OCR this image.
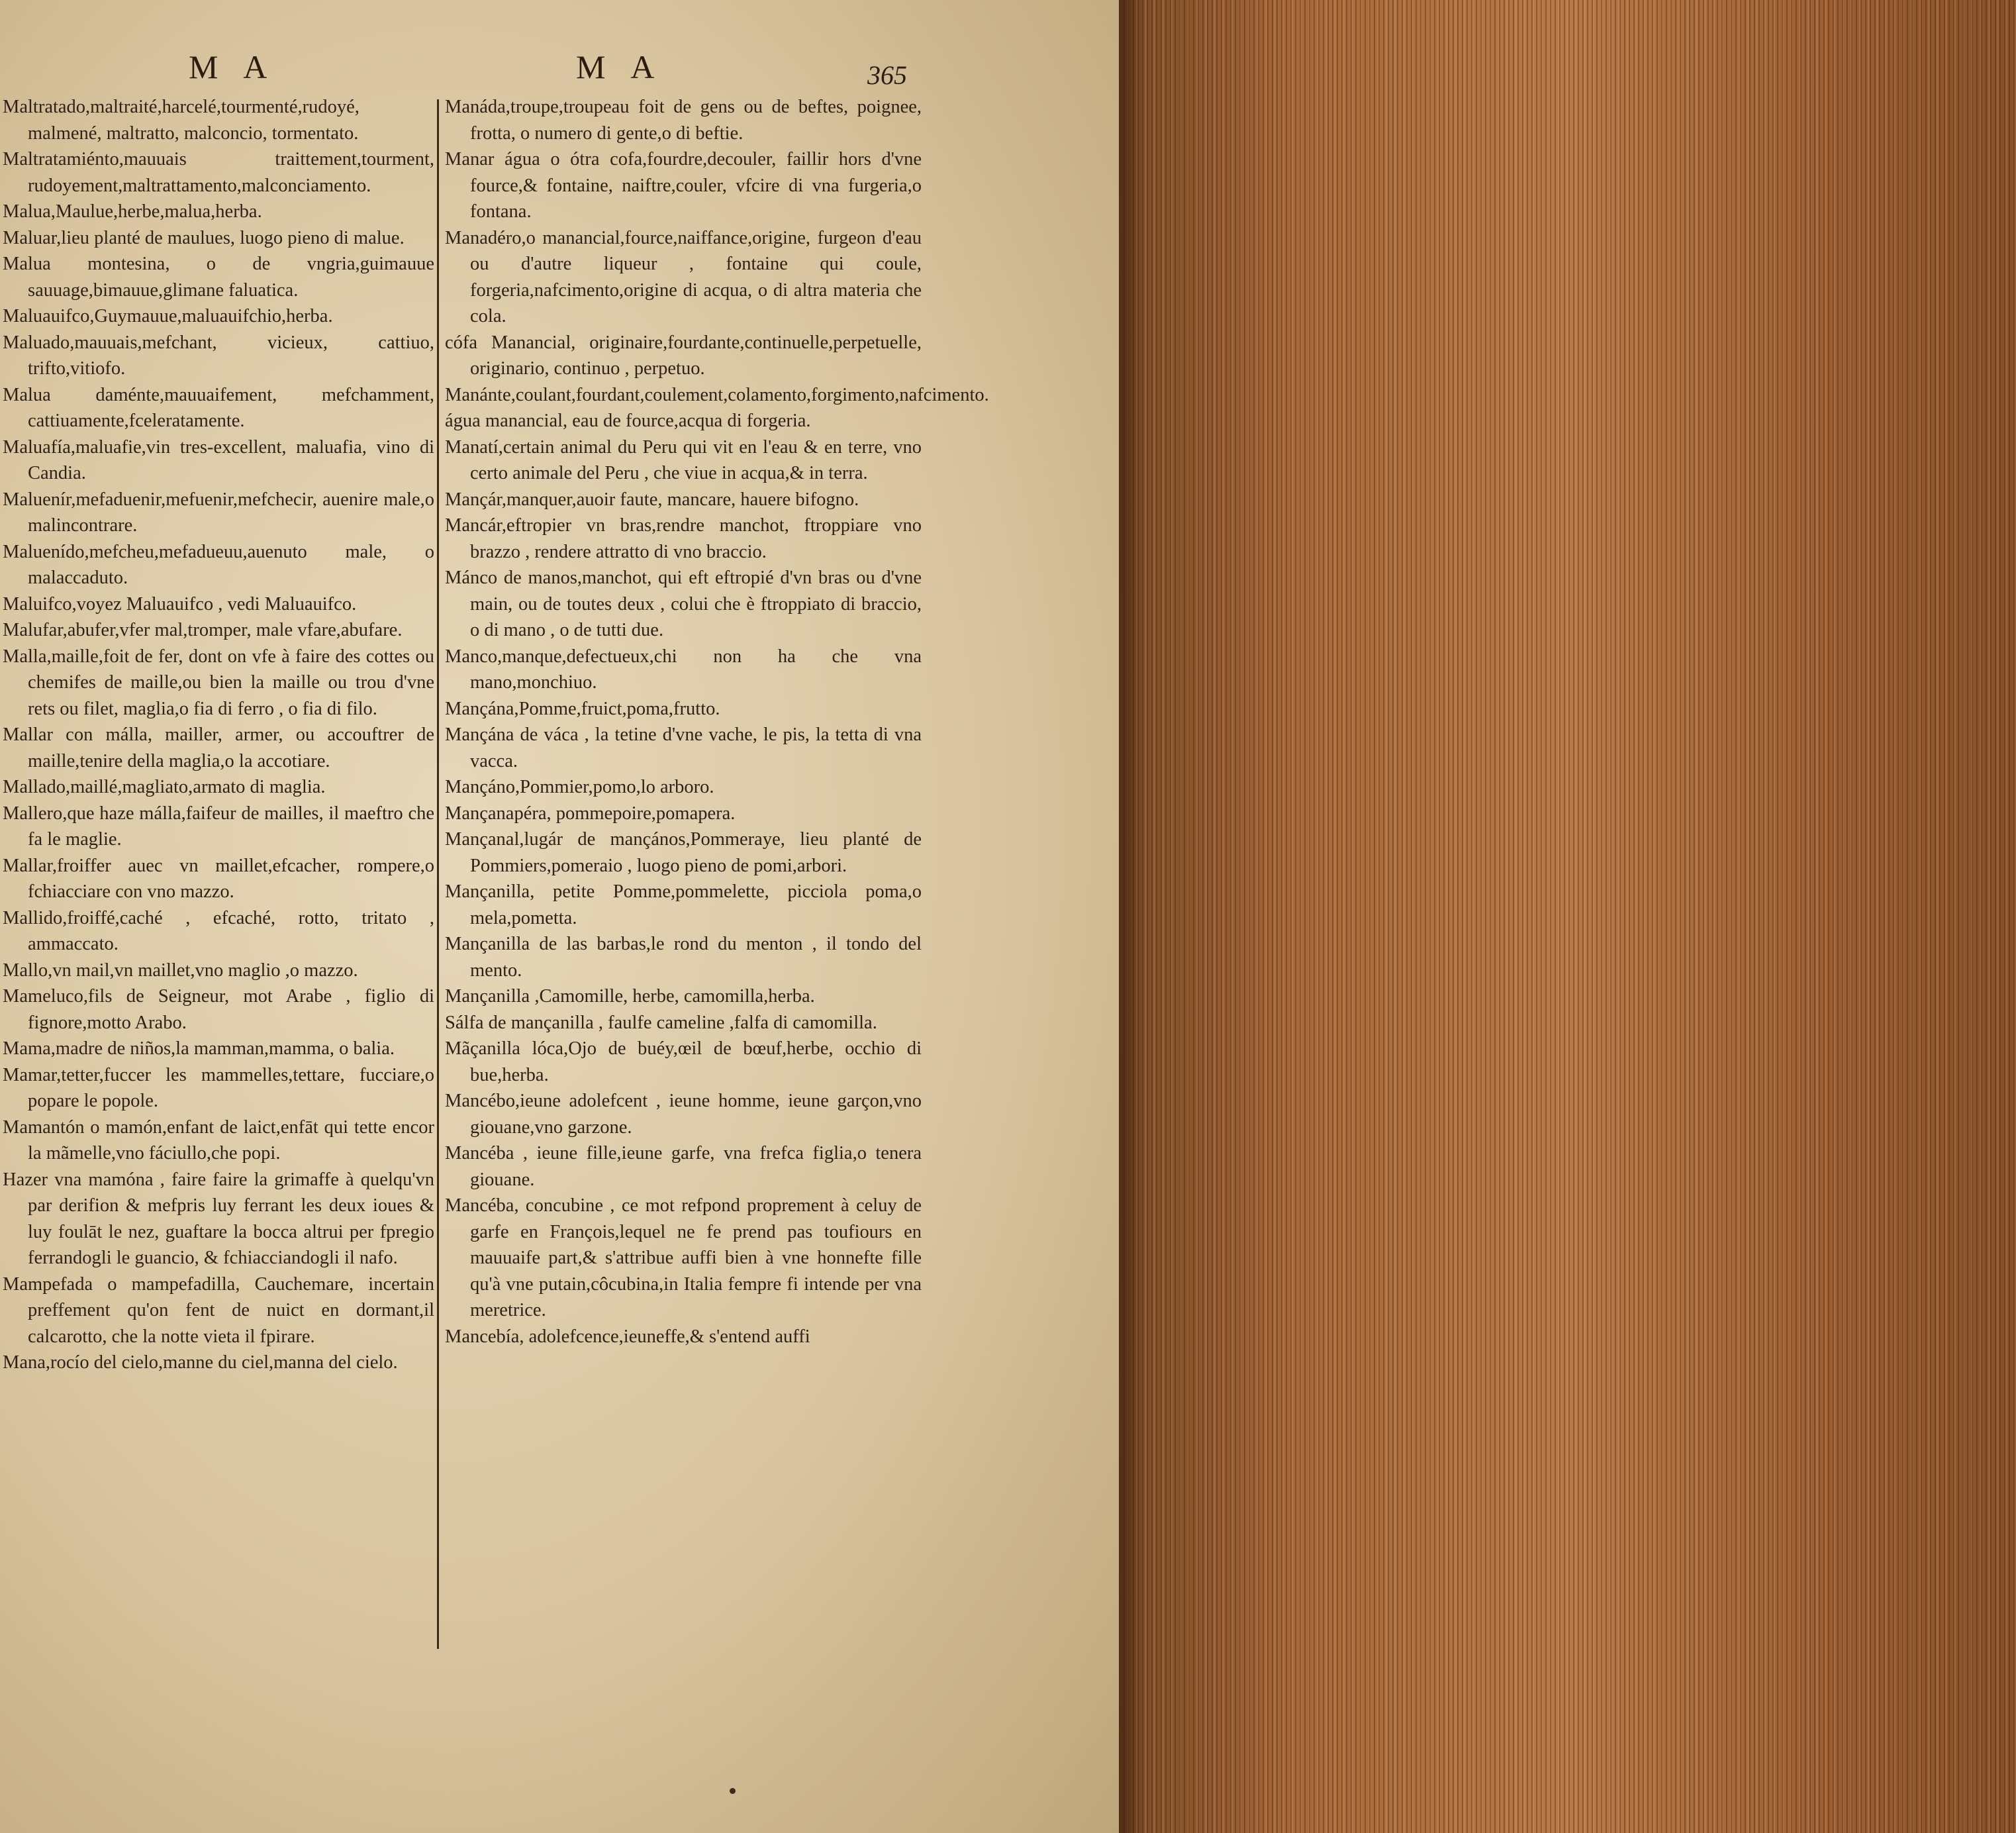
M A	M A	365

Maltratado,maltraité,harcelé,tourmenté,rudoyé, malmené, maltratto, malconcio, tormentato.

Maltratamiénto,mauuais traittement,tourment, rudoyement,maltrattamento,malconciamento.

Malua,Maulue,herbe,malua,herba.

Maluar,lieu planté de maulues, luogo pieno di malue.

Malua montesina, o de vngria,guimauue sauuage,bimauue,glimane faluatica.

Maluauifco,Guymauue,maluauifchio,herba.

Maluado,mauuais,mefchant, vicieux, cattiuo, trifto,vitiofo.

Malua daménte,mauuaifement, mefchamment, cattiuamente,fceleratamente.

Maluafía,maluafie,vin tres-excellent, maluafia, vino di Candia.

Maluenír,mefaduenir,mefuenir,mefchecir, auenire male,o malincontrare.

Maluenído,mefcheu,mefadueuu,auenuto male, o malaccaduto.

Maluifco,voyez Maluauifco , vedi Maluauifco.

Malufar,abufer,vfer mal,tromper, male vfare,abufare.

Malla,maille,foit de fer, dont on vfe à faire des cottes ou chemifes de maille,ou bien la maille ou trou d'vne rets ou filet, maglia,o fia di ferro , o fia di filo.

Mallar con málla, mailler, armer, ou accouftrer de maille,tenire della maglia,o la accotiare.

Mallado,maillé,magliato,armato di maglia.

Mallero,que haze málla,faifeur de mailles, il maeftro che fa le maglie.

Mallar,froiffer auec vn maillet,efcacher, rompere,o fchiacciare con vno mazzo.

Mallido,froiffé,caché , efcaché, rotto, tritato , ammaccato.

Mallo,vn mail,vn maillet,vno maglio ,o mazzo.

Mameluco,fils de Seigneur, mot Arabe , figlio di fignore,motto Arabo.

Mama,madre de niños,la mamman,mamma, o balia.

Mamar,tetter,fuccer les mammelles,tettare, fucciare,o popare le popole.

Mamantón o mamón,enfant de laict,enfāt qui tette encor la mãmelle,vno fáciullo,che popi.

Hazer vna mamóna , faire faire la grimaffe à quelqu'vn par derifion & mefpris luy ferrant les deux ioues & luy foulāt le nez, guaftare la bocca altrui per fpregio ferrandogli le guancio, & fchiacciandogli il nafo.

Mampefada o mampefadilla, Cauchemare, incertain preffement qu'on fent de nuict en dormant,il calcarotto, che la notte vieta il fpirare.

Mana,rocío del cielo,manne du ciel,manna del cielo.

Manáda,troupe,troupeau foit de gens ou de beftes, poignee, frotta, o numero di gente,o di beftie.

Manar água o ótra cofa,fourdre,decouler, faillir hors d'vne fource,& fontaine, naiftre,couler, vfcire di vna furgeria,o fontana.

Manadéro,o manancial,fource,naiffance,origine, furgeon d'eau ou d'autre liqueur , fontaine qui coule, forgeria,nafcimento,origine di acqua, o di altra materia che cola.

cófa Manancial, originaire,fourdante,continuelle,perpetuelle, originario, continuo , perpetuo.

Manánte,coulant,fourdant,coulement,colamento,forgimento,nafcimento.

água manancial, eau de fource,acqua di forgeria.

Manatí,certain animal du Peru qui vit en l'eau & en terre, vno certo animale del Peru , che viue in acqua,& in terra.

Mançár,manquer,auoir faute, mancare, hauere bifogno.

Mancár,eftropier vn bras,rendre manchot, ftroppiare vno brazzo , rendere attratto di vno braccio.

Mánco de manos,manchot, qui eft eftropié d'vn bras ou d'vne main, ou de toutes deux , colui che è ftroppiato di braccio, o di mano , o de tutti due.

Manco,manque,defectueux,chi non ha che vna mano,monchiuo.

Mançána,Pomme,fruict,poma,frutto.

Mançána de váca , la tetine d'vne vache, le pis, la tetta di vna vacca.

Mançáno,Pommier,pomo,lo arboro.

Mançanapéra, pommepoire,pomapera.

Mançanal,lugár de mançános,Pommeraye, lieu planté de Pommiers,pomeraio , luogo pieno de pomi,arbori.

Mançanilla, petite Pomme,pommelette, picciola poma,o mela,pometta.

Mançanilla de las barbas,le rond du menton , il tondo del mento.

Mançanilla ,Camomille, herbe, camomilla,herba.

Sálfa de mançanilla , faulfe cameline ,falfa di camomilla.

Mãçanilla lóca,Ojo de buéy,œil de bœuf,herbe, occhio di bue,herba.

Mancébo,ieune adolefcent , ieune homme, ieune garçon,vno giouane,vno garzone.

Mancéba , ieune fille,ieune garfe, vna frefca figlia,o tenera giouane.

Mancéba, concubine , ce mot refpond proprement à celuy de garfe en François,lequel ne fe prend pas toufiours en mauuaife part,& s'attribue auffi bien à vne honnefte fille qu'à vne putain,côcubina,in Italia fempre fi intende per vna meretrice.

Mancebía, adolefcence,ieuneffe,& s'entend auffi
